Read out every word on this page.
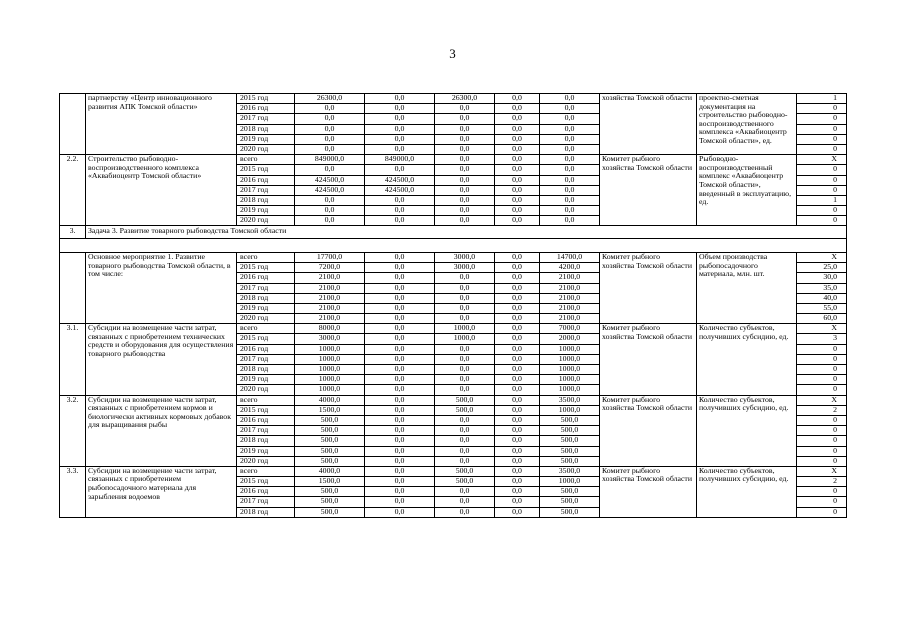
3
	партнерству «Центр инновационного развития АПК Томской области»	2015 год	26300,0	0,0	26300,0	0,0	0,0	хозяйства Томской области	проектно-сметная документация на строительство рыбоводно-воспроизводственного комплекса «Аквабиоцентр Томской области», ед.	1
		2016 год	0,0	0,0	0,0	0,0	0,0			0
		2017 год	0,0	0,0	0,0	0,0	0,0			0
		2018 год	0,0	0,0	0,0	0,0	0,0			0
		2019 год	0,0	0,0	0,0	0,0	0,0			0
		2020 год	0,0	0,0	0,0	0,0	0,0			0
2.2.	Строительство рыбоводно-воспроизводственного комплекса «Аквабиоцентр Томской области»	всего	849000,0	849000,0	0,0	0,0	0,0	Комитет рыбного хозяйства Томской области	Рыбоводно-воспроизводственный комплекс «Аквабиоцентр Томской области», введенный в эксплуатацию, ед.	X
		2015 год	0,0	0,0	0,0	0,0	0,0			0
		2016 год	424500,0	424500,0	0,0	0,0	0,0			0
		2017 год	424500,0	424500,0	0,0	0,0	0,0			0
		2018 год	0,0	0,0	0,0	0,0	0,0			1
		2019 год	0,0	0,0	0,0	0,0	0,0			0
		2020 год	0,0	0,0	0,0	0,0	0,0			0
3.	Задача 3. Развитие товарного рыбоводства Томской области									

	Основное мероприятие 1. Развитие товарного рыбоводства Томской области, в том числе:	всего	17700,0	0,0	3000,0	0,0	14700,0	Комитет рыбного хозяйства Томской области	Объем производства рыбопосадочного материала, млн. шт.	X
		2015 год	7200,0	0,0	3000,0	0,0	4200,0			25,0
		2016 год	2100,0	0,0	0,0	0,0	2100,0			30,0
		2017 год	2100,0	0,0	0,0	0,0	2100,0			35,0
		2018 год	2100,0	0,0	0,0	0,0	2100,0			40,0
		2019 год	2100,0	0,0	0,0	0,0	2100,0			55,0
		2020 год	2100,0	0,0	0,0	0,0	2100,0			60,0
3.1.	Субсидии на возмещение части затрат, связанных с приобретением технических средств и оборудования для осуществления товарного рыбоводства	всего	8000,0	0,0	1000,0	0,0	7000,0	Комитет рыбного хозяйства Томской области	Количество субъектов, получивших субсидию, ед.	X
		2015 год	3000,0	0,0	1000,0	0,0	2000,0			3
		2016 год	1000,0	0,0	0,0	0,0	1000,0			0
		2017 год	1000,0	0,0	0,0	0,0	1000,0			0
		2018 год	1000,0	0,0	0,0	0,0	1000,0			0
		2019 год	1000,0	0,0	0,0	0,0	1000,0			0
		2020 год	1000,0	0,0	0,0	0,0	1000,0			0
3.2.	Субсидии на возмещение части затрат, связанных с приобретением кормов и биологически активных кормовых добавок для выращивания рыбы	всего	4000,0	0,0	500,0	0,0	3500,0	Комитет рыбного хозяйства Томской области	Количество субъектов, получивших субсидию, ед.	X
		2015 год	1500,0	0,0	500,0	0,0	1000,0			2
		2016 год	500,0	0,0	0,0	0,0	500,0			0
		2017 год	500,0	0,0	0,0	0,0	500,0			0
		2018 год	500,0	0,0	0,0	0,0	500,0			0
		2019 год	500,0	0,0	0,0	0,0	500,0			0
		2020 год	500,0	0,0	0,0	0,0	500,0			0
3.3.	Субсидии на возмещение части затрат, связанных с приобретением рыбопосадочного материала для зарыбления водоемов	всего	4000,0	0,0	500,0	0,0	3500,0	Комитет рыбного хозяйства Томской области	Количество субъектов, получивших субсидию, ед.	X
		2015 год	1500,0	0,0	500,0	0,0	1000,0			2
		2016 год	500,0	0,0	0,0	0,0	500,0			0
		2017 год	500,0	0,0	0,0	0,0	500,0			0
		2018 год	500,0	0,0	0,0	0,0	500,0			0
